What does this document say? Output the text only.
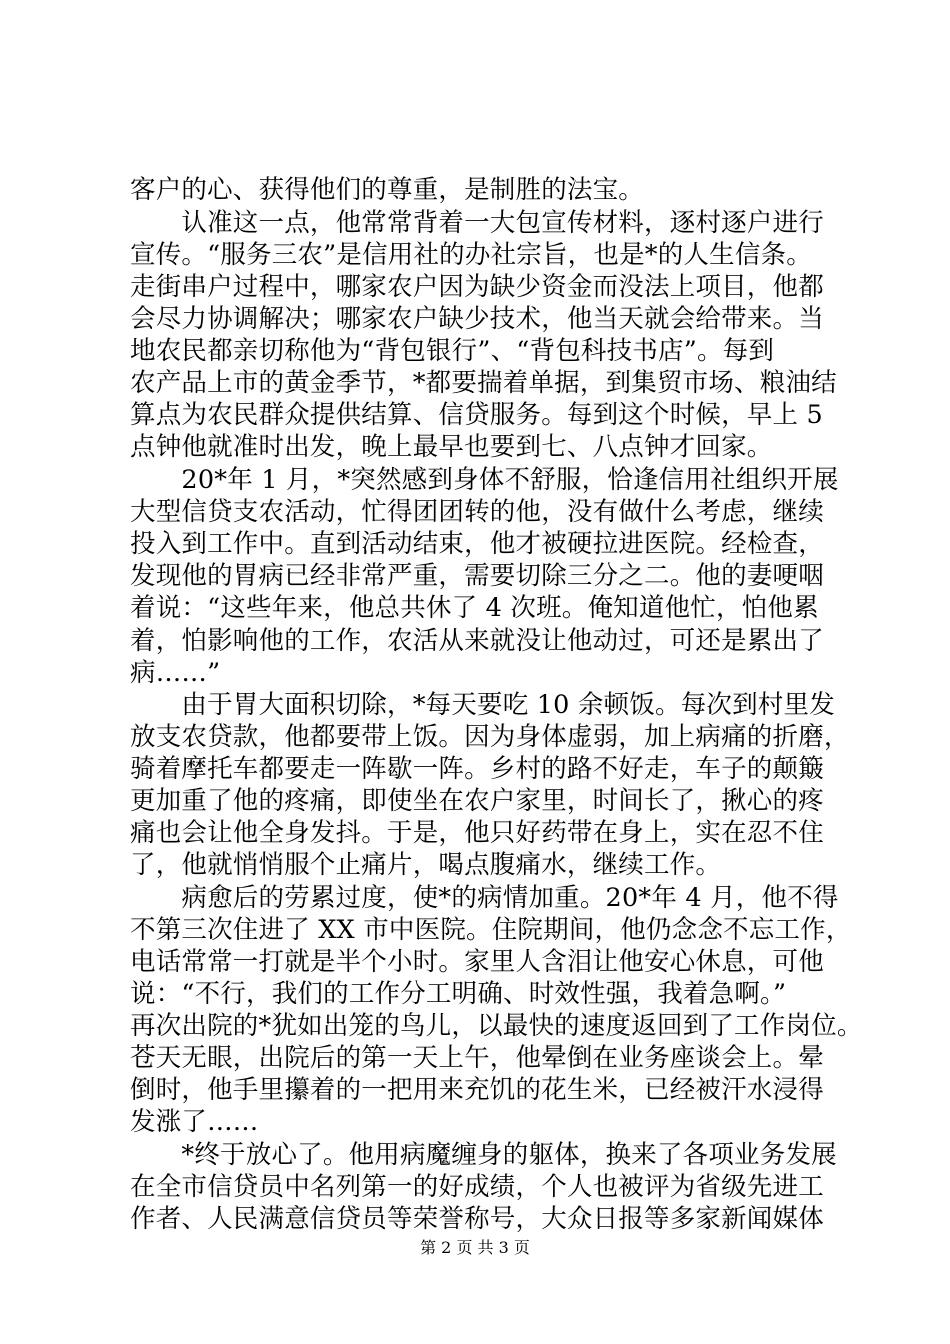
客户的心、获得他们的尊重，是制胜的法宝。
　　认准这一点，他常常背着一大包宣传材料，逐村逐户进行
宣传。“服务三农”是信用社的办社宗旨，也是*的人生信条。
走街串户过程中，哪家农户因为缺少资金而没法上项目，他都
会尽力协调解决；哪家农户缺少技术，他当天就会给带来。当
地农民都亲切称他为“背包银行”、“背包科技书店”。每到
农产品上市的黄金季节，*都要揣着单据，到集贸市场、粮油结
算点为农民群众提供结算、信贷服务。每到这个时候，早上 5
点钟他就准时出发，晚上最早也要到七、八点钟才回家。
　　20*年 1 月，*突然感到身体不舒服，恰逢信用社组织开展
大型信贷支农活动，忙得团团转的他，没有做什么考虑，继续
投入到工作中。直到活动结束，他才被硬拉进医院。经检查，
发现他的胃病已经非常严重，需要切除三分之二。他的妻哽咽
着说：“这些年来，他总共休了 4 次班。俺知道他忙，怕他累
着，怕影响他的工作，农活从来就没让他动过，可还是累出了
病……”
　　由于胃大面积切除，*每天要吃 10 余顿饭。每次到村里发
放支农贷款，他都要带上饭。因为身体虚弱，加上病痛的折磨，
骑着摩托车都要走一阵歇一阵。乡村的路不好走，车子的颠簸
更加重了他的疼痛，即使坐在农户家里，时间长了，揪心的疼
痛也会让他全身发抖。于是，他只好药带在身上，实在忍不住
了，他就悄悄服个止痛片，喝点腹痛水，继续工作。
　　病愈后的劳累过度，使*的病情加重。20*年 4 月，他不得
不第三次住进了 XX 市中医院。住院期间，他仍念念不忘工作，
电话常常一打就是半个小时。家里人含泪让他安心休息，可他
说：“不行，我们的工作分工明确、时效性强，我着急啊。”
再次出院的*犹如出笼的鸟儿，以最快的速度返回到了工作岗位。
苍天无眼，出院后的第一天上午，他晕倒在业务座谈会上。晕
倒时，他手里攥着的一把用来充饥的花生米，已经被汗水浸得
发涨了……
　　*终于放心了。他用病魔缠身的躯体，换来了各项业务发展
在全市信贷员中名列第一的好成绩，个人也被评为省级先进工
作者、人民满意信贷员等荣誉称号，大众日报等多家新闻媒体
第 2 页 共 3 页
